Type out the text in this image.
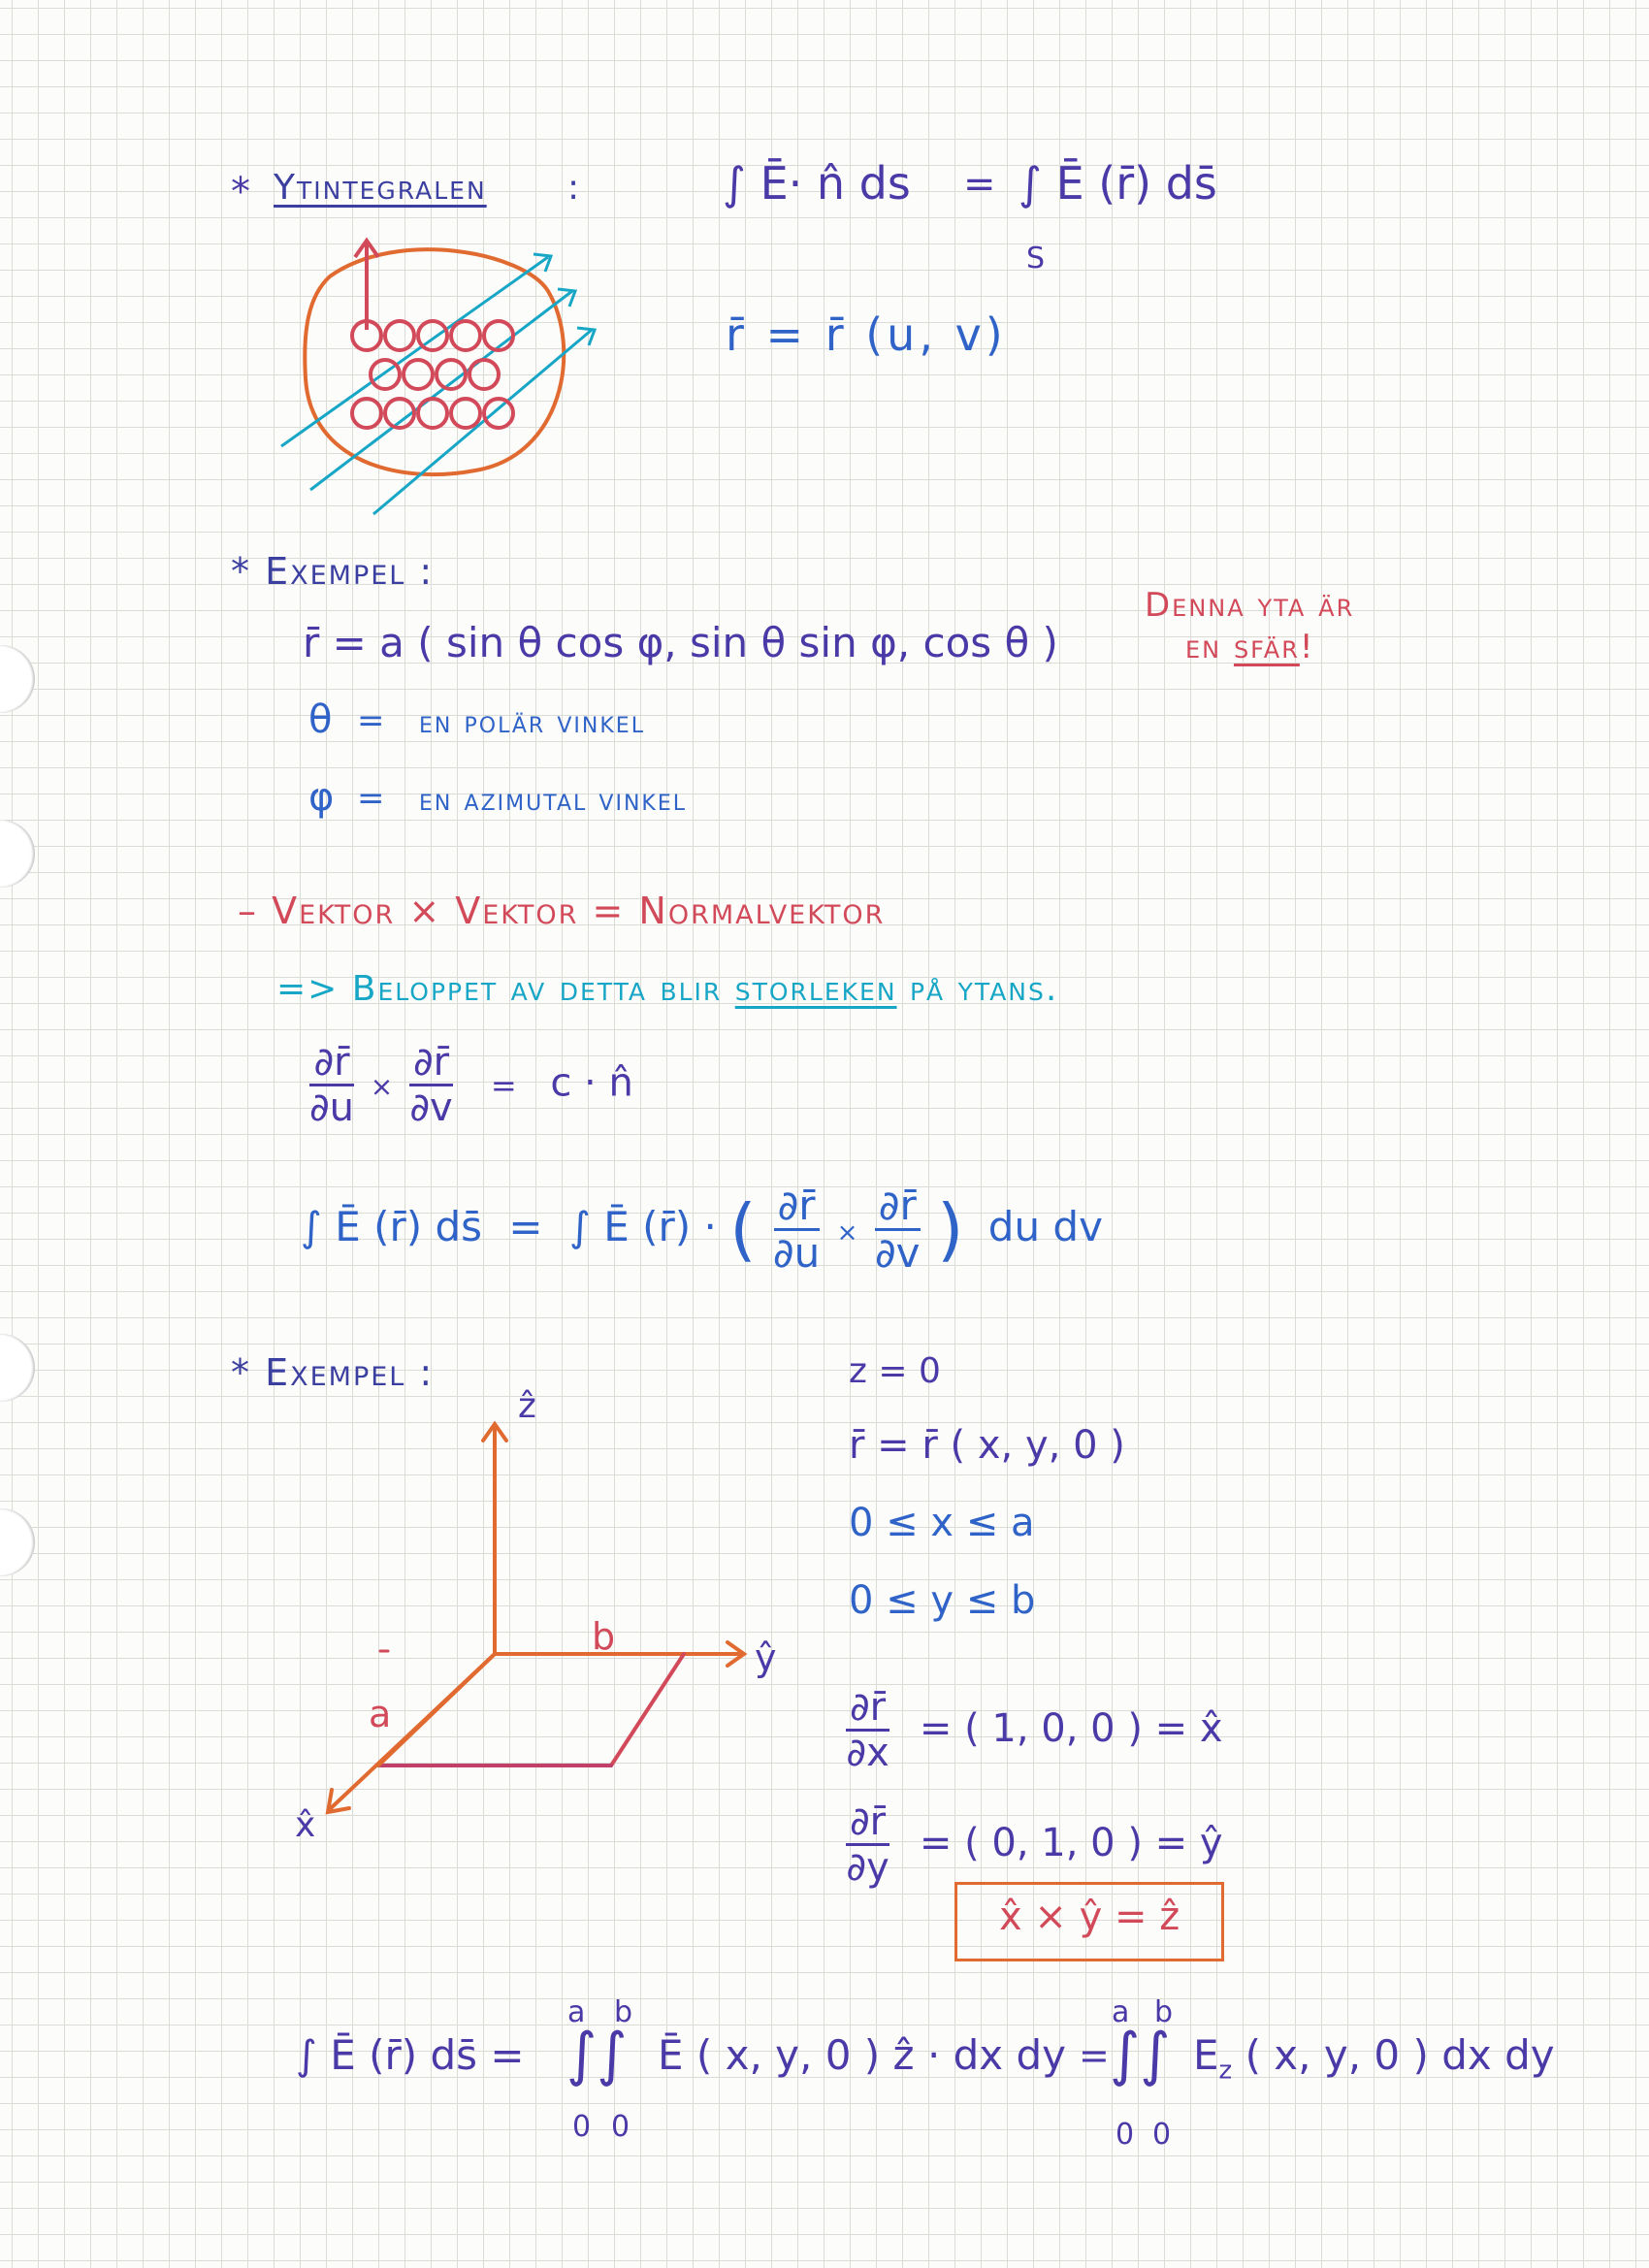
* Ytintegralen :	∫ Ē· n̂ ds = ∫ Ē (r̄) ds̄
S
r̄ = r̄ (u, v)
* Exempel :
r̄ = a ( sin θ cos φ, sin θ sin φ, cos θ )
Denna yta är
en sfär!
θ = en polär vinkel
φ = en azimutal vinkel
– Vektor × Vektor = Normalvektor
=> Beloppet av detta blir storleken på ytans.
$\frac{\partial r̄}{\partial u} \times \frac{\partial r̄}{\partial v} = c$ · n̂
∫ Ē (r̄) ds̄ = ∫ Ē (r̄) · ( $\frac{\partial r̄}{\partial u} \times \frac{\partial r̄}{\partial v}$ ) du dv
* Exempel :
ẑ
ŷ
x̂
a
b
z = 0
r̄ = r̄ ( x, y, 0 )
0 ≤ x ≤ a
0 ≤ y ≤ b
$\frac{\partial r̄}{\partial x}$ = ( 1, 0, 0 ) = x̂
$\frac{\partial r̄}{\partial y}$ = ( 0, 1, 0 ) = ŷ
x̂ × ŷ = ẑ
∫ Ē (r̄) ds̄ =
a b
∫∫
0 0
Ē ( x, y, 0 ) ẑ · dx dy =
a b
∫∫
0 0
$E_z$ ( x, y, 0 ) dx dy
